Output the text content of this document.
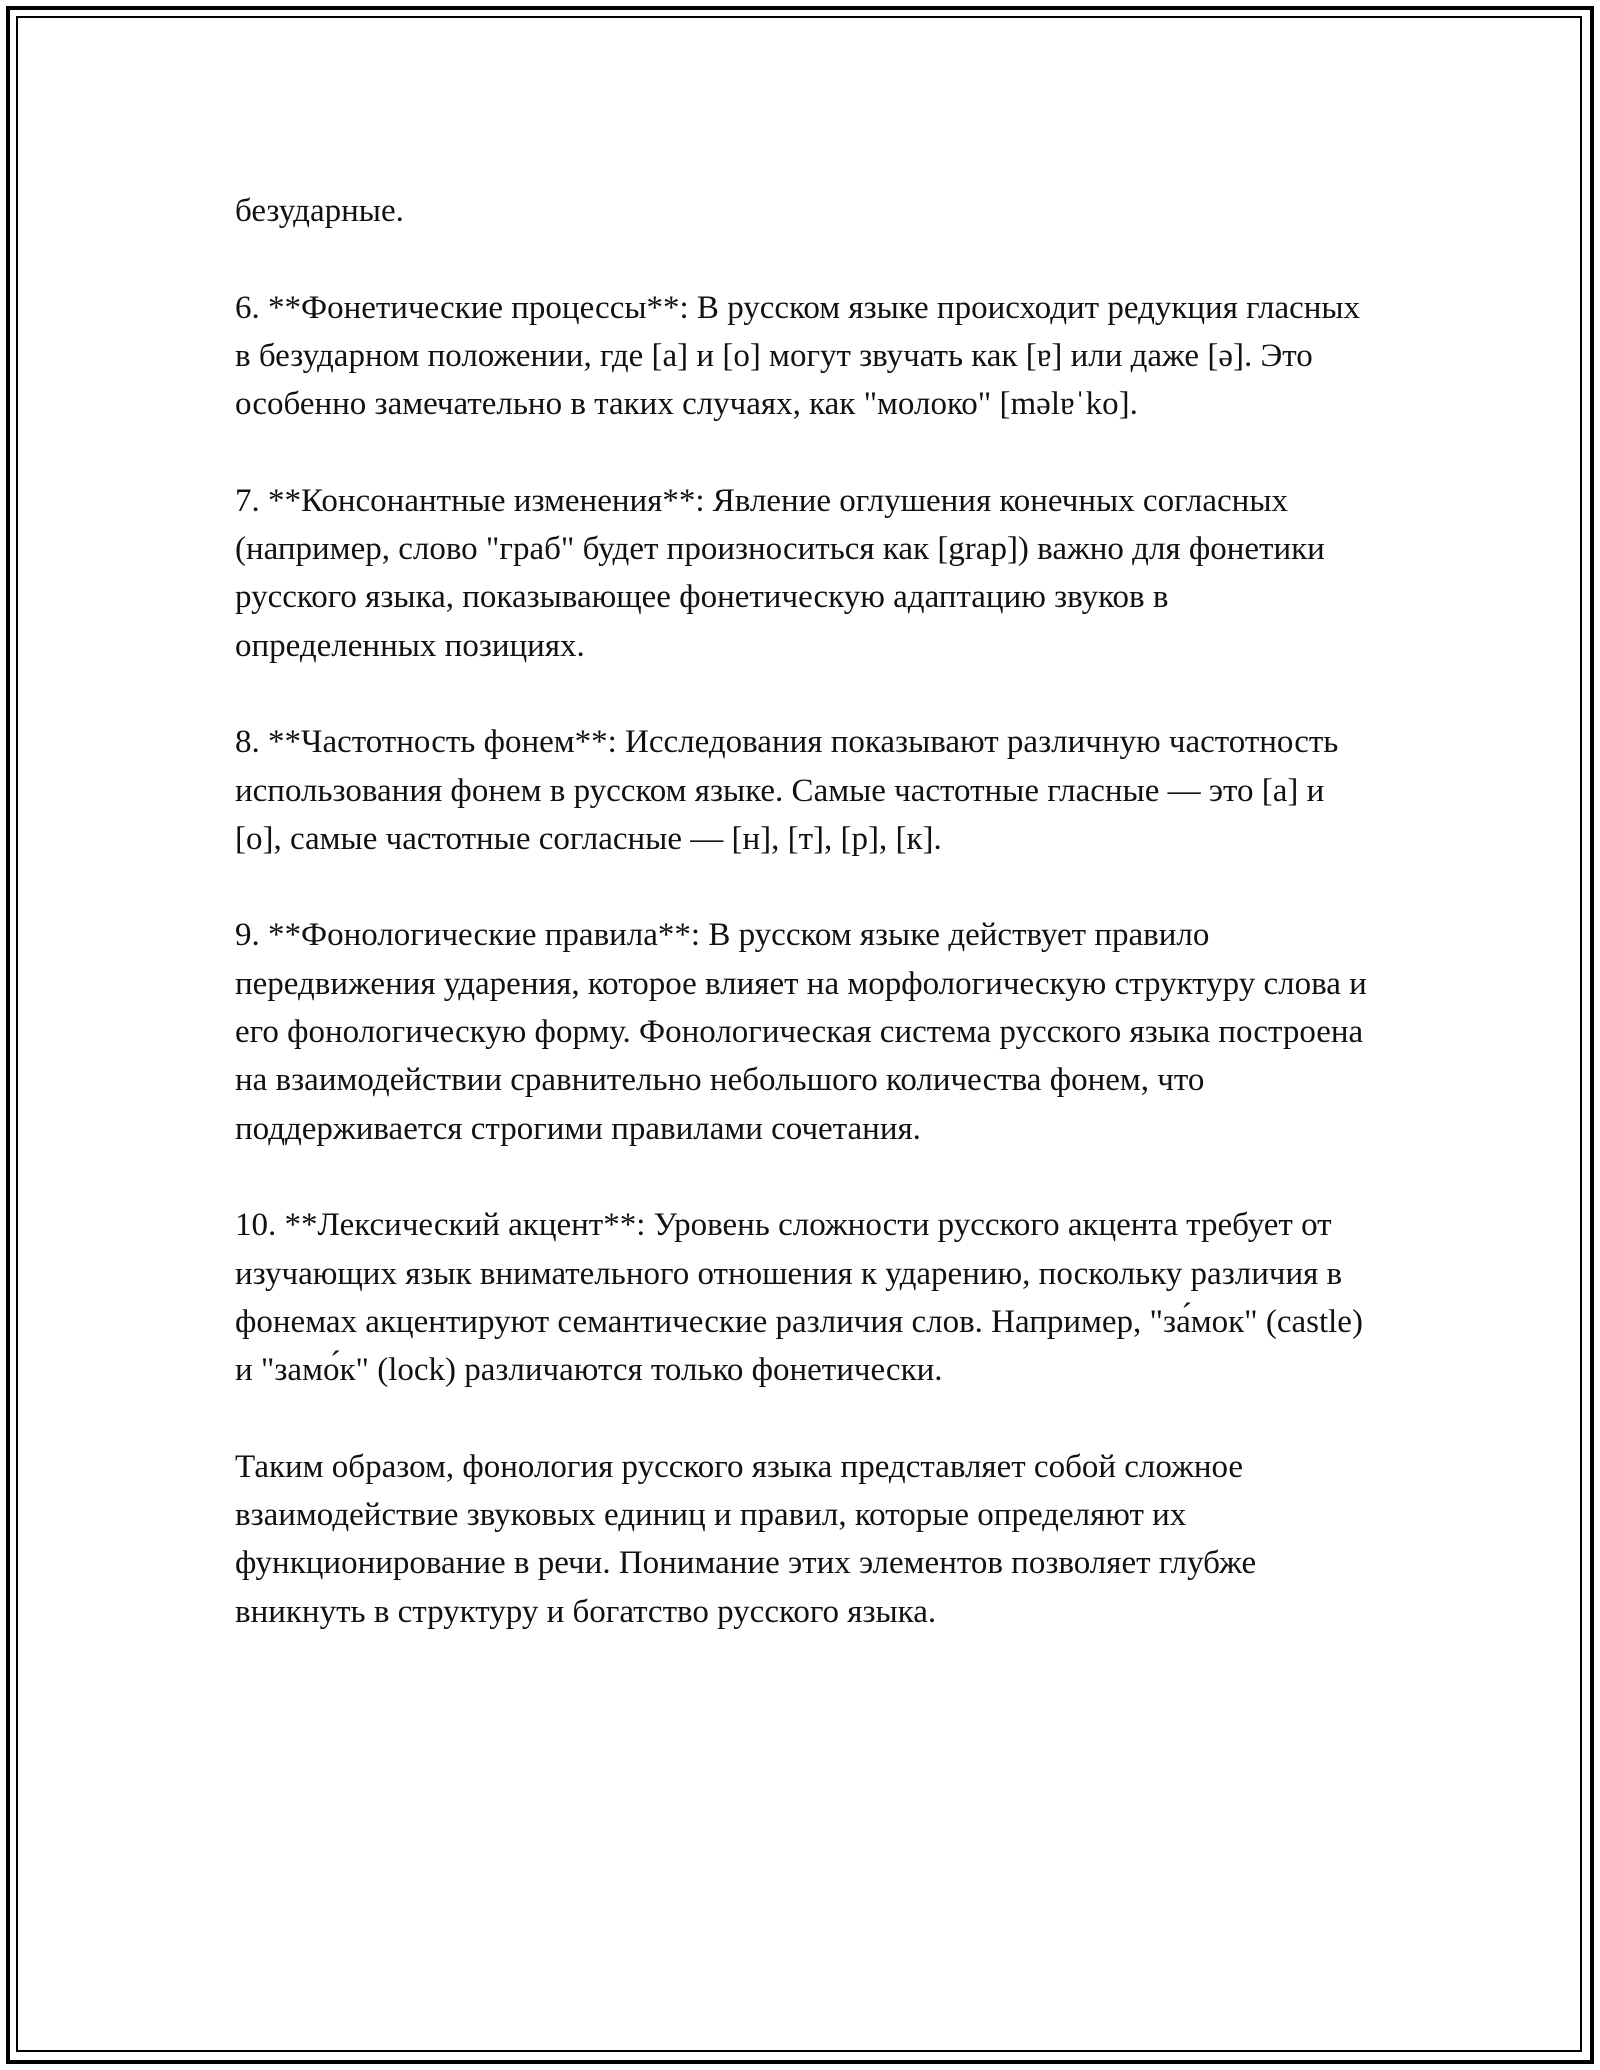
безударные.

6. **Фонетические процессы**: В русском языке происходит редукция гласных в безударном положении, где [a] и [o] могут звучать как [ɐ] или даже [ə]. Это особенно замечательно в таких случаях, как "молоко" [məlɐˈko].

7. **Консонантные изменения**: Явление оглушения конечных согласных (например, слово "граб" будет произноситься как [grap]) важно для фонетики русского языка, показывающее фонетическую адаптацию звуков в определенных позициях.

8. **Частотность фонем**: Исследования показывают различную частотность использования фонем в русском языке. Самые частотные гласные — это [a] и [o], самые частотные согласные — [н], [т], [р], [к].

9. **Фонологические правила**: В русском языке действует правило передвижения ударения, которое влияет на морфологическую структуру слова и его фонологическую форму. Фонологическая система русского языка построена на взаимодействии сравнительно небольшого количества фонем, что поддерживается строгими правилами сочетания.

10. **Лексический акцент**: Уровень сложности русского акцента требует от изучающих язык внимательного отношения к ударению, поскольку различия в фонемах акцентируют семантические различия слов. Например, "за́мок" (castle) и "замо́к" (lock) различаются только фонетически.

Таким образом, фонология русского языка представляет собой сложное взаимодействие звуковых единиц и правил, которые определяют их функционирование в речи. Понимание этих элементов позволяет глубже вникнуть в структуру и богатство русского языка.
